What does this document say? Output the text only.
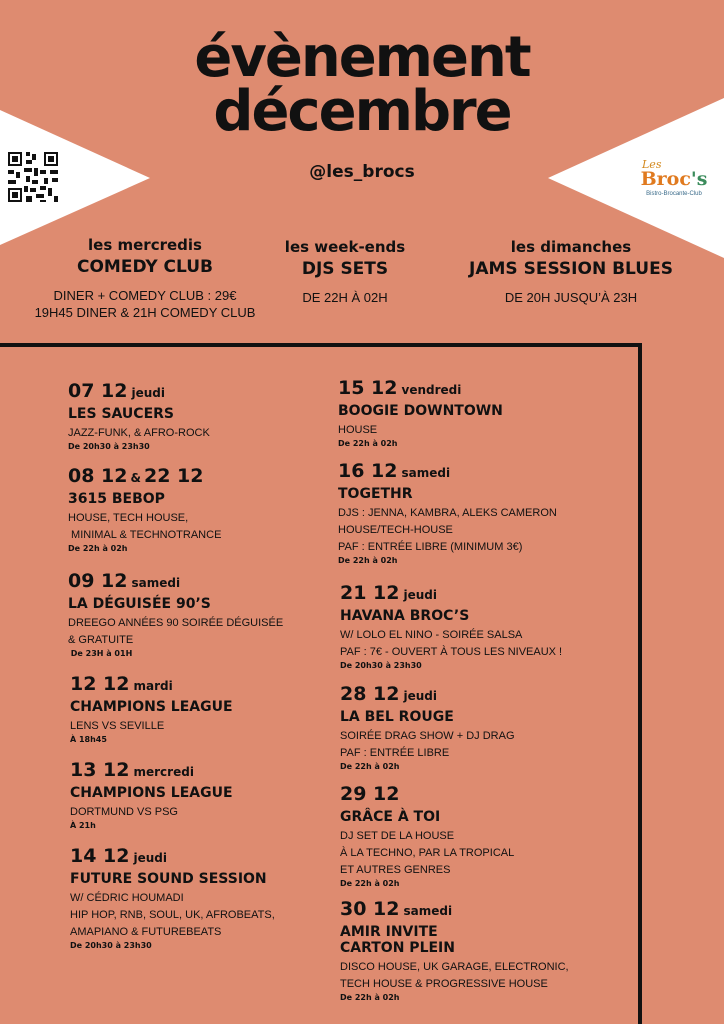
évènement
décembre
@les_brocs	Les
Broc's
Bistro-Brocante-Club
les mercredis
COMEDY CLUB
DINER + COMEDY CLUB : 29€
19H45 DINER & 21H COMEDY CLUB
les week-ends
DJS SETS
DE 22H À 02H
les dimanches
JAMS SESSION BLUES
DE 20H JUSQU’À 23H
07 12 jeudi
LES SAUCERS
JAZZ-FUNK, & AFRO-ROCK
De 20h30 à 23h30
08 12 & 22 12
3615 BEBOP
HOUSE, TECH HOUSE,
MINIMAL & TECHNOTRANCE
De 22h à 02h
09 12 samedi
LA DÉGUISÉE 90’S
DREEGO ANNÉES 90 SOIRÉE DÉGUISÉE
& GRATUITE
De 23H à 01H
12 12 mardi
CHAMPIONS LEAGUE
LENS VS SEVILLE
À 18h45
13 12 mercredi
CHAMPIONS LEAGUE
DORTMUND VS PSG
À 21h
14 12 jeudi
FUTURE SOUND SESSION
W/ CÉDRIC HOUMADI
HIP HOP, RNB, SOUL, UK, AFROBEATS,
AMAPIANO & FUTUREBEATS
De 20h30 à 23h30
15 12 vendredi
BOOGIE DOWNTOWN
HOUSE
De 22h à 02h
16 12 samedi
TOGETHR
DJS : JENNA, KAMBRA, ALEKS CAMERON
HOUSE/TECH-HOUSE
PAF : ENTRÉE LIBRE (MINIMUM 3€)
De 22h à 02h
21 12 jeudi
HAVANA BROC’S
W/ LOLO EL NINO - SOIRÉE SALSA
PAF : 7€ - OUVERT À TOUS LES NIVEAUX !
De 20h30 à 23h30
28 12 jeudi
LA BEL ROUGE
SOIRÉE DRAG SHOW + DJ DRAG
PAF : ENTRÉE LIBRE
De 22h à 02h
29 12
GRÂCE À TOI
DJ SET DE LA HOUSE
À LA TECHNO, PAR LA TROPICAL
ET AUTRES GENRES
De 22h à 02h
30 12 samedi
AMIR INVITE
CARTON PLEIN
DISCO HOUSE, UK GARAGE, ELECTRONIC,
TECH HOUSE & PROGRESSIVE HOUSE
De 22h à 02h
